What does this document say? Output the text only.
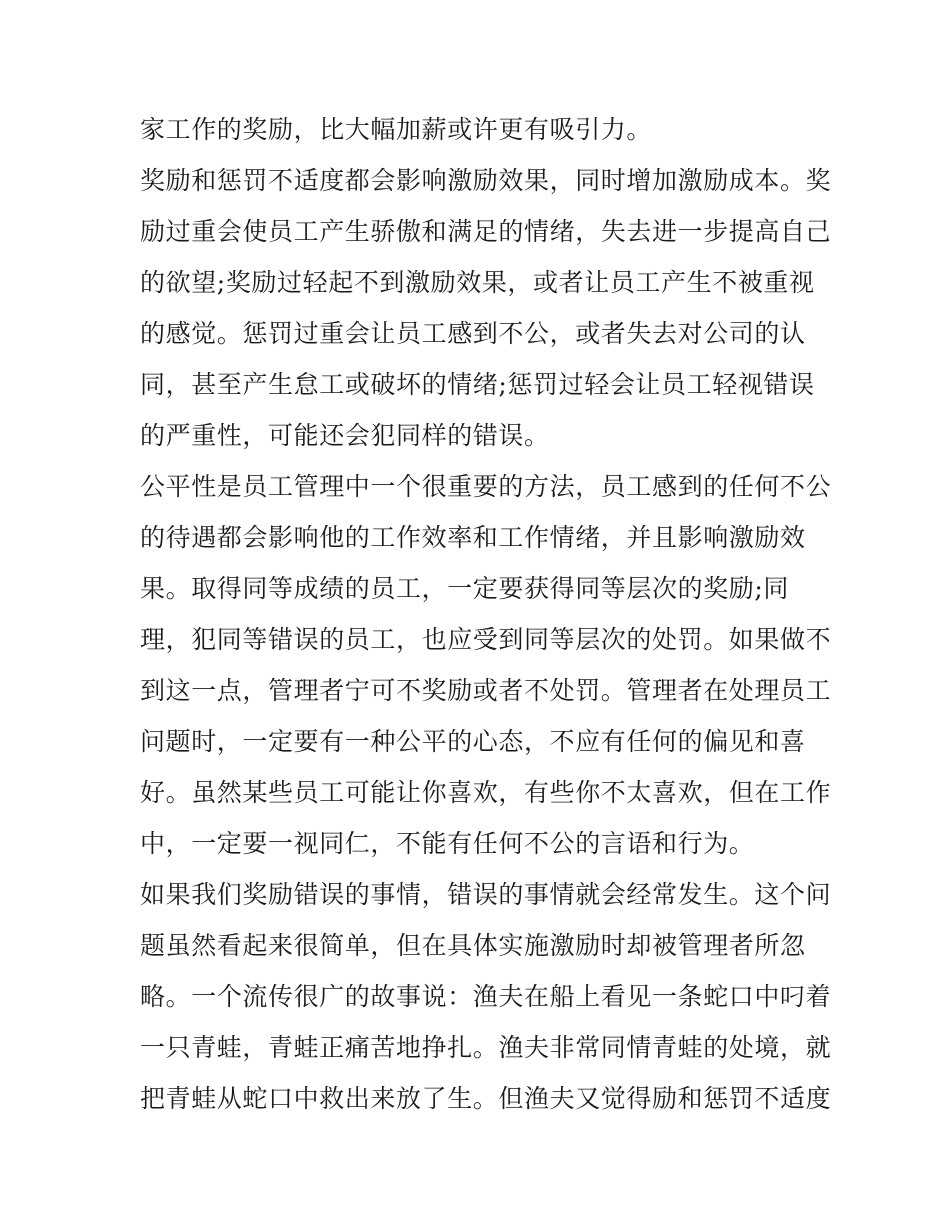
家工作的奖励，比大幅加薪或许更有吸引力。
奖励和惩罚不适度都会影响激励效果，同时增加激励成本。奖
励过重会使员工产生骄傲和满足的情绪，失去进一步提高自己
的欲望;奖励过轻起不到激励效果，或者让员工产生不被重视
的感觉。惩罚过重会让员工感到不公，或者失去对公司的认
同，甚至产生怠工或破坏的情绪;惩罚过轻会让员工轻视错误
的严重性，可能还会犯同样的错误。
公平性是员工管理中一个很重要的方法，员工感到的任何不公
的待遇都会影响他的工作效率和工作情绪，并且影响激励效
果。取得同等成绩的员工，一定要获得同等层次的奖励;同
理，犯同等错误的员工，也应受到同等层次的处罚。如果做不
到这一点，管理者宁可不奖励或者不处罚。管理者在处理员工
问题时，一定要有一种公平的心态，不应有任何的偏见和喜
好。虽然某些员工可能让你喜欢，有些你不太喜欢，但在工作
中，一定要一视同仁，不能有任何不公的言语和行为。
如果我们奖励错误的事情，错误的事情就会经常发生。这个问
题虽然看起来很简单，但在具体实施激励时却被管理者所忽
略。一个流传很广的故事说：渔夫在船上看见一条蛇口中叼着
一只青蛙，青蛙正痛苦地挣扎。渔夫非常同情青蛙的处境，就
把青蛙从蛇口中救出来放了生。但渔夫又觉得励和惩罚不适度
